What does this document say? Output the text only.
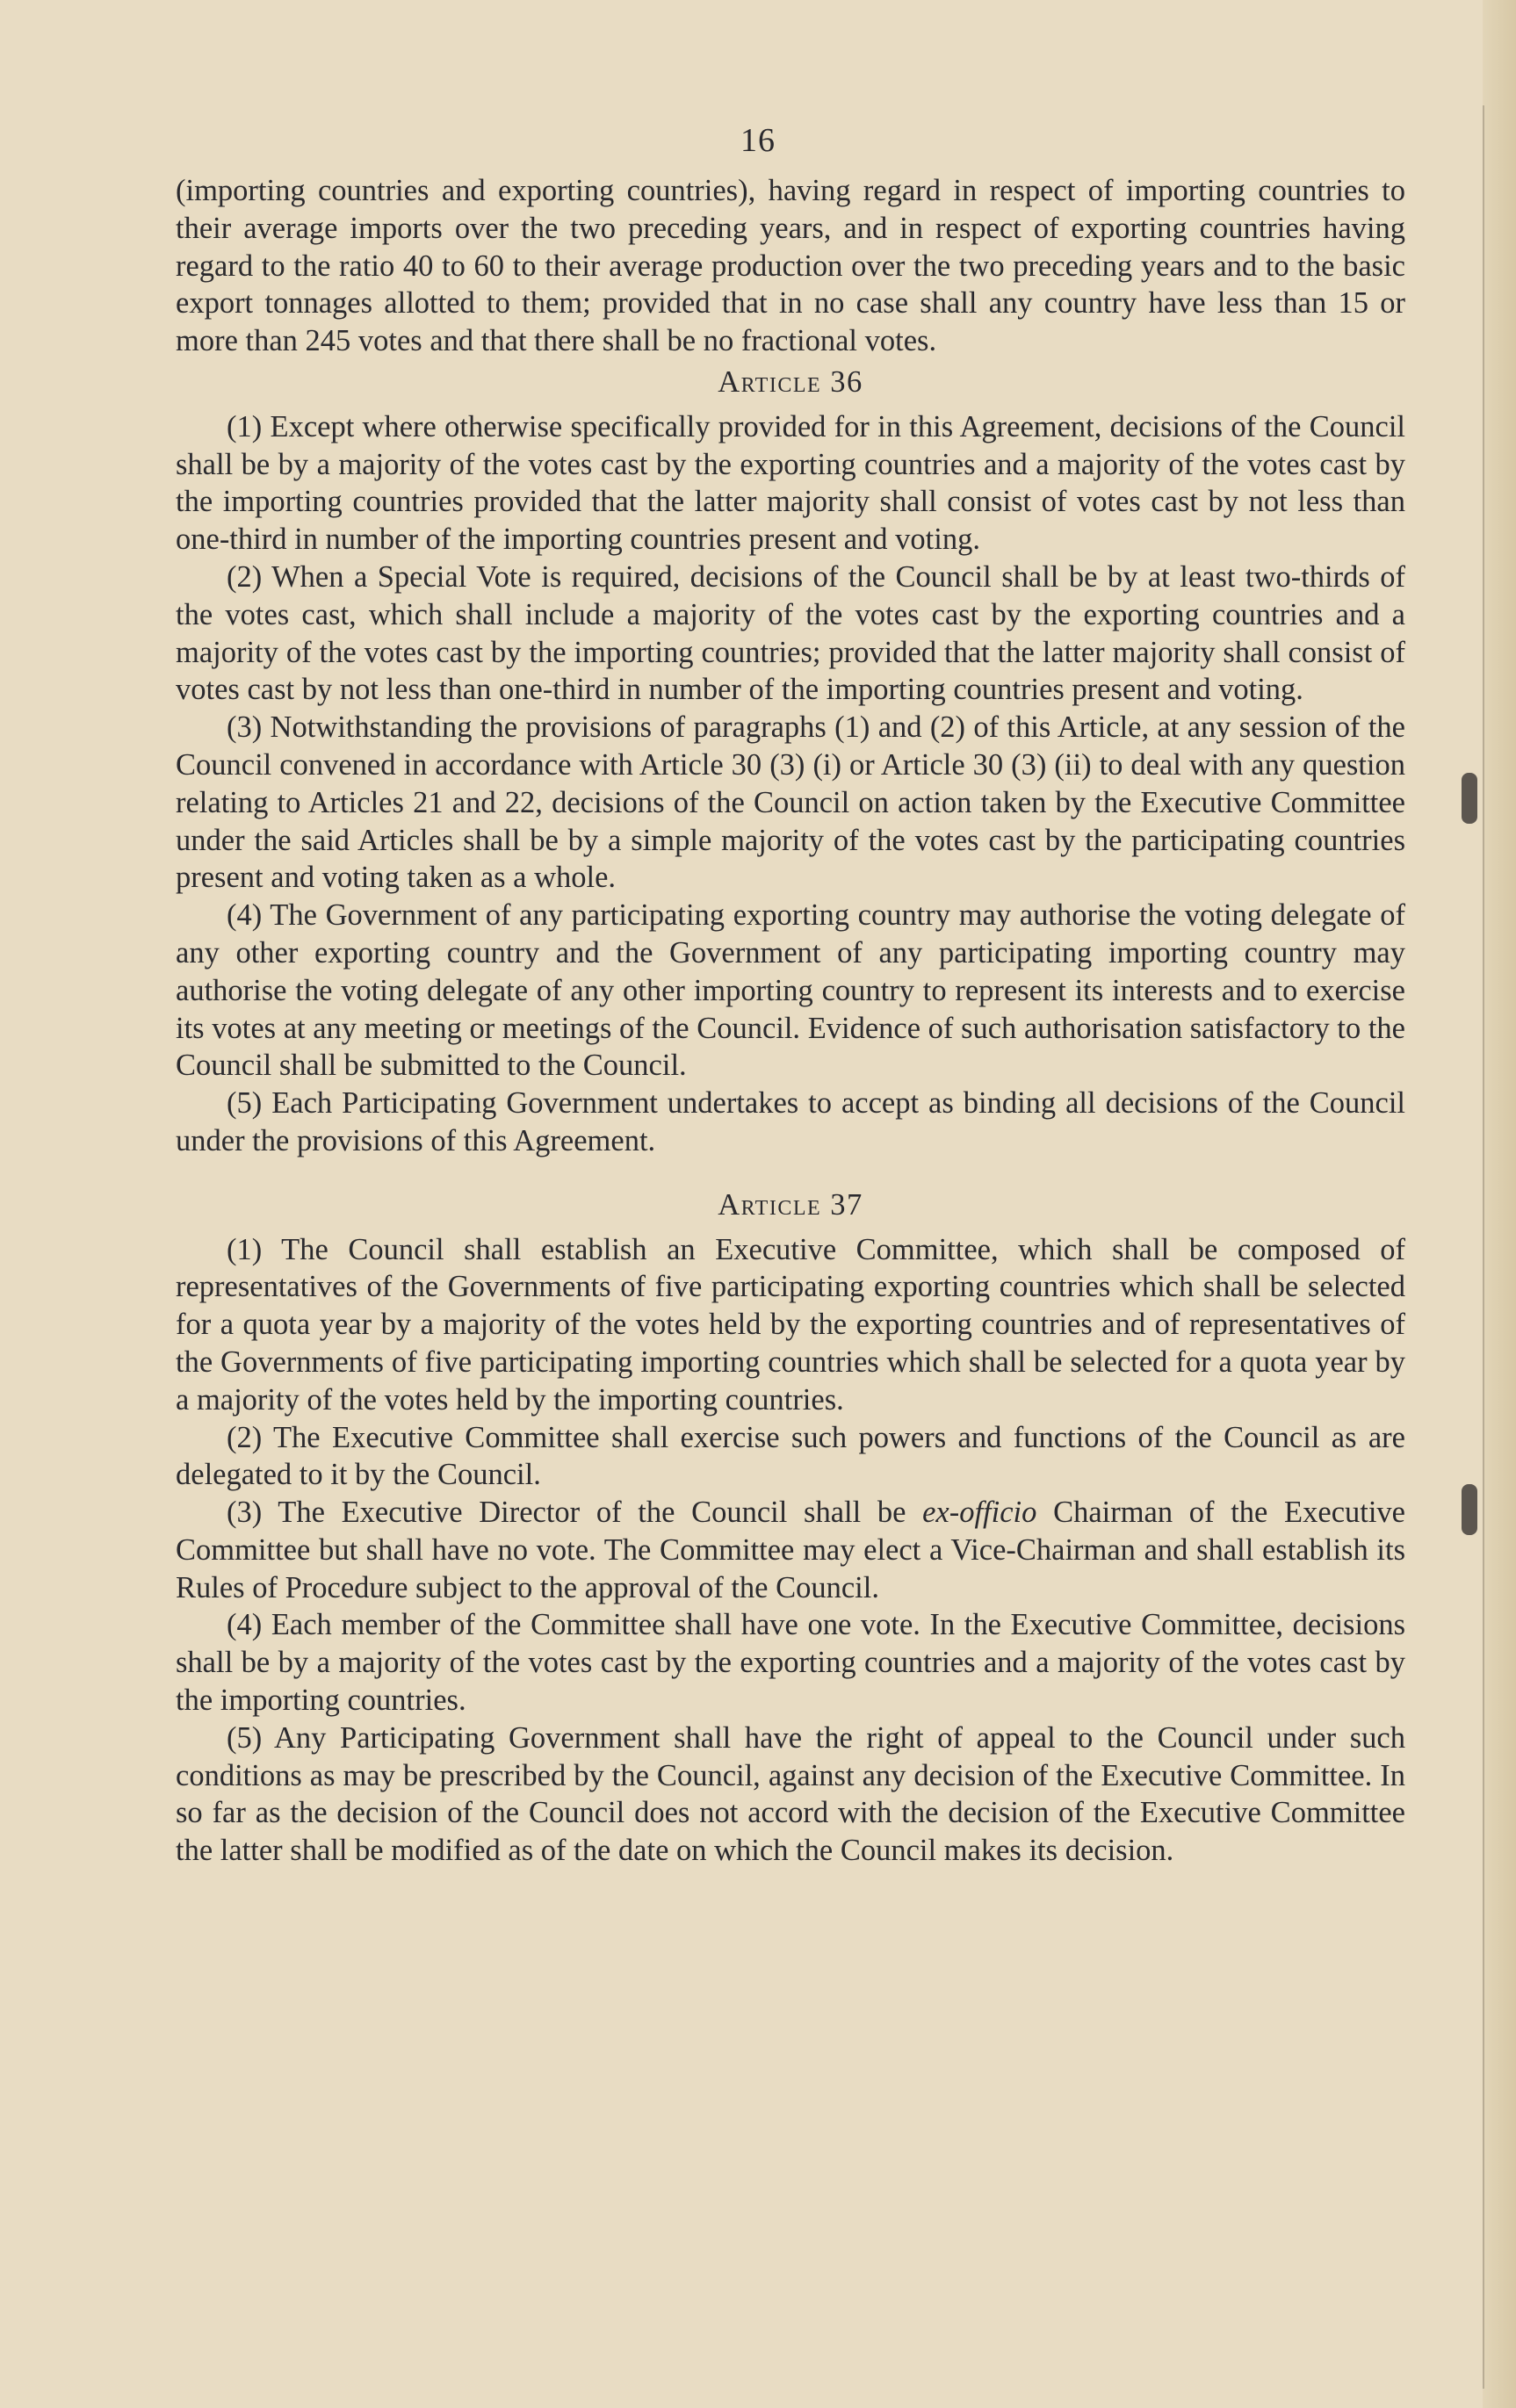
16

(importing countries and exporting countries), having regard in respect of importing countries to their average imports over the two preceding years, and in respect of exporting countries having regard to the ratio 40 to 60 to their average production over the two preceding years and to the basic export tonnages allotted to them; provided that in no case shall any country have less than 15 or more than 245 votes and that there shall be no fractional votes.

Article 36

(1) Except where otherwise specifically provided for in this Agreement, decisions of the Council shall be by a majority of the votes cast by the exporting countries and a majority of the votes cast by the importing countries provided that the latter majority shall consist of votes cast by not less than one-third in number of the importing countries present and voting.

(2) When a Special Vote is required, decisions of the Council shall be by at least two-thirds of the votes cast, which shall include a majority of the votes cast by the exporting countries and a majority of the votes cast by the importing countries; provided that the latter majority shall consist of votes cast by not less than one-third in number of the importing countries present and voting.

(3) Notwithstanding the provisions of paragraphs (1) and (2) of this Article, at any session of the Council convened in accordance with Article 30 (3) (i) or Article 30 (3) (ii) to deal with any question relating to Articles 21 and 22, decisions of the Council on action taken by the Executive Committee under the said Articles shall be by a simple majority of the votes cast by the participating countries present and voting taken as a whole.

(4) The Government of any participating exporting country may authorise the voting delegate of any other exporting country and the Government of any participating importing country may authorise the voting delegate of any other importing country to represent its interests and to exercise its votes at any meeting or meetings of the Council. Evidence of such authorisation satisfactory to the Council shall be submitted to the Council.

(5) Each Participating Government undertakes to accept as binding all decisions of the Council under the provisions of this Agreement.

Article 37

(1) The Council shall establish an Executive Committee, which shall be composed of representatives of the Governments of five participating exporting countries which shall be selected for a quota year by a majority of the votes held by the exporting countries and of representatives of the Governments of five participating importing countries which shall be selected for a quota year by a majority of the votes held by the importing countries.

(2) The Executive Committee shall exercise such powers and functions of the Council as are delegated to it by the Council.

(3) The Executive Director of the Council shall be ex-officio Chairman of the Executive Committee but shall have no vote. The Committee may elect a Vice-Chairman and shall establish its Rules of Procedure subject to the approval of the Council.

(4) Each member of the Committee shall have one vote. In the Executive Committee, decisions shall be by a majority of the votes cast by the exporting countries and a majority of the votes cast by the importing countries.

(5) Any Participating Government shall have the right of appeal to the Council under such conditions as may be prescribed by the Council, against any decision of the Executive Committee. In so far as the decision of the Council does not accord with the decision of the Executive Committee the latter shall be modified as of the date on which the Council makes its decision.
